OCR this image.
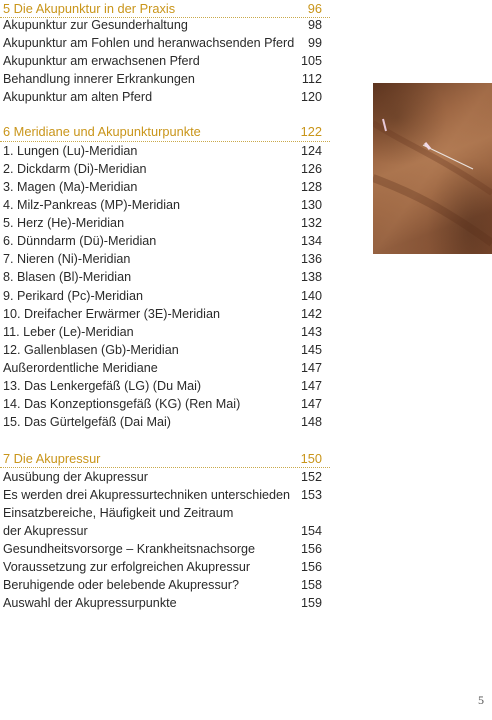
5 Die Akupunktur in der Praxis	96
Akupunktur zur Gesunderhaltung	98
Akupunktur am Fohlen und heranwachsenden Pferd 99
Akupunktur am erwachsenen Pferd	105
Behandlung innerer Erkrankungen	112
Akupunktur am alten Pferd	120
6 Meridiane und Akupunkturpunkte	122
1. Lungen (Lu)-Meridian	124
2. Dickdarm (Di)-Meridian	126
3. Magen (Ma)-Meridian	128
4. Milz-Pankreas (MP)-Meridian	130
5. Herz (He)-Meridian	132
6. Dünndarm (Dü)-Meridian	134
7. Nieren (Ni)-Meridian	136
8. Blasen (Bl)-Meridian	138
9. Perikard (Pc)-Meridian	140
10. Dreifacher Erwärmer (3E)-Meridian	142
11. Leber (Le)-Meridian	143
12. Gallenblasen (Gb)-Meridian	145
Außerordentliche Meridiane	147
13. Das Lenkergefäß (LG) (Du Mai)	147
14. Das Konzeptionsgefäß (KG) (Ren Mai)	147
15. Das Gürtelgefäß (Dai Mai)	148
7 Die Akupressur	150
Ausübung der Akupressur	152
Es werden drei Akupressurtechniken unterschieden 153
Einsatzbereiche, Häufigkeit und Zeitraum
der Akupressur	154
Gesundheitsvorsorge – Krankheitsnachsorge	156
Voraussetzung zur erfolgreichen Akupressur	156
Beruhigende oder belebende Akupressur?	158
Auswahl der Akupressurpunkte	159
5
